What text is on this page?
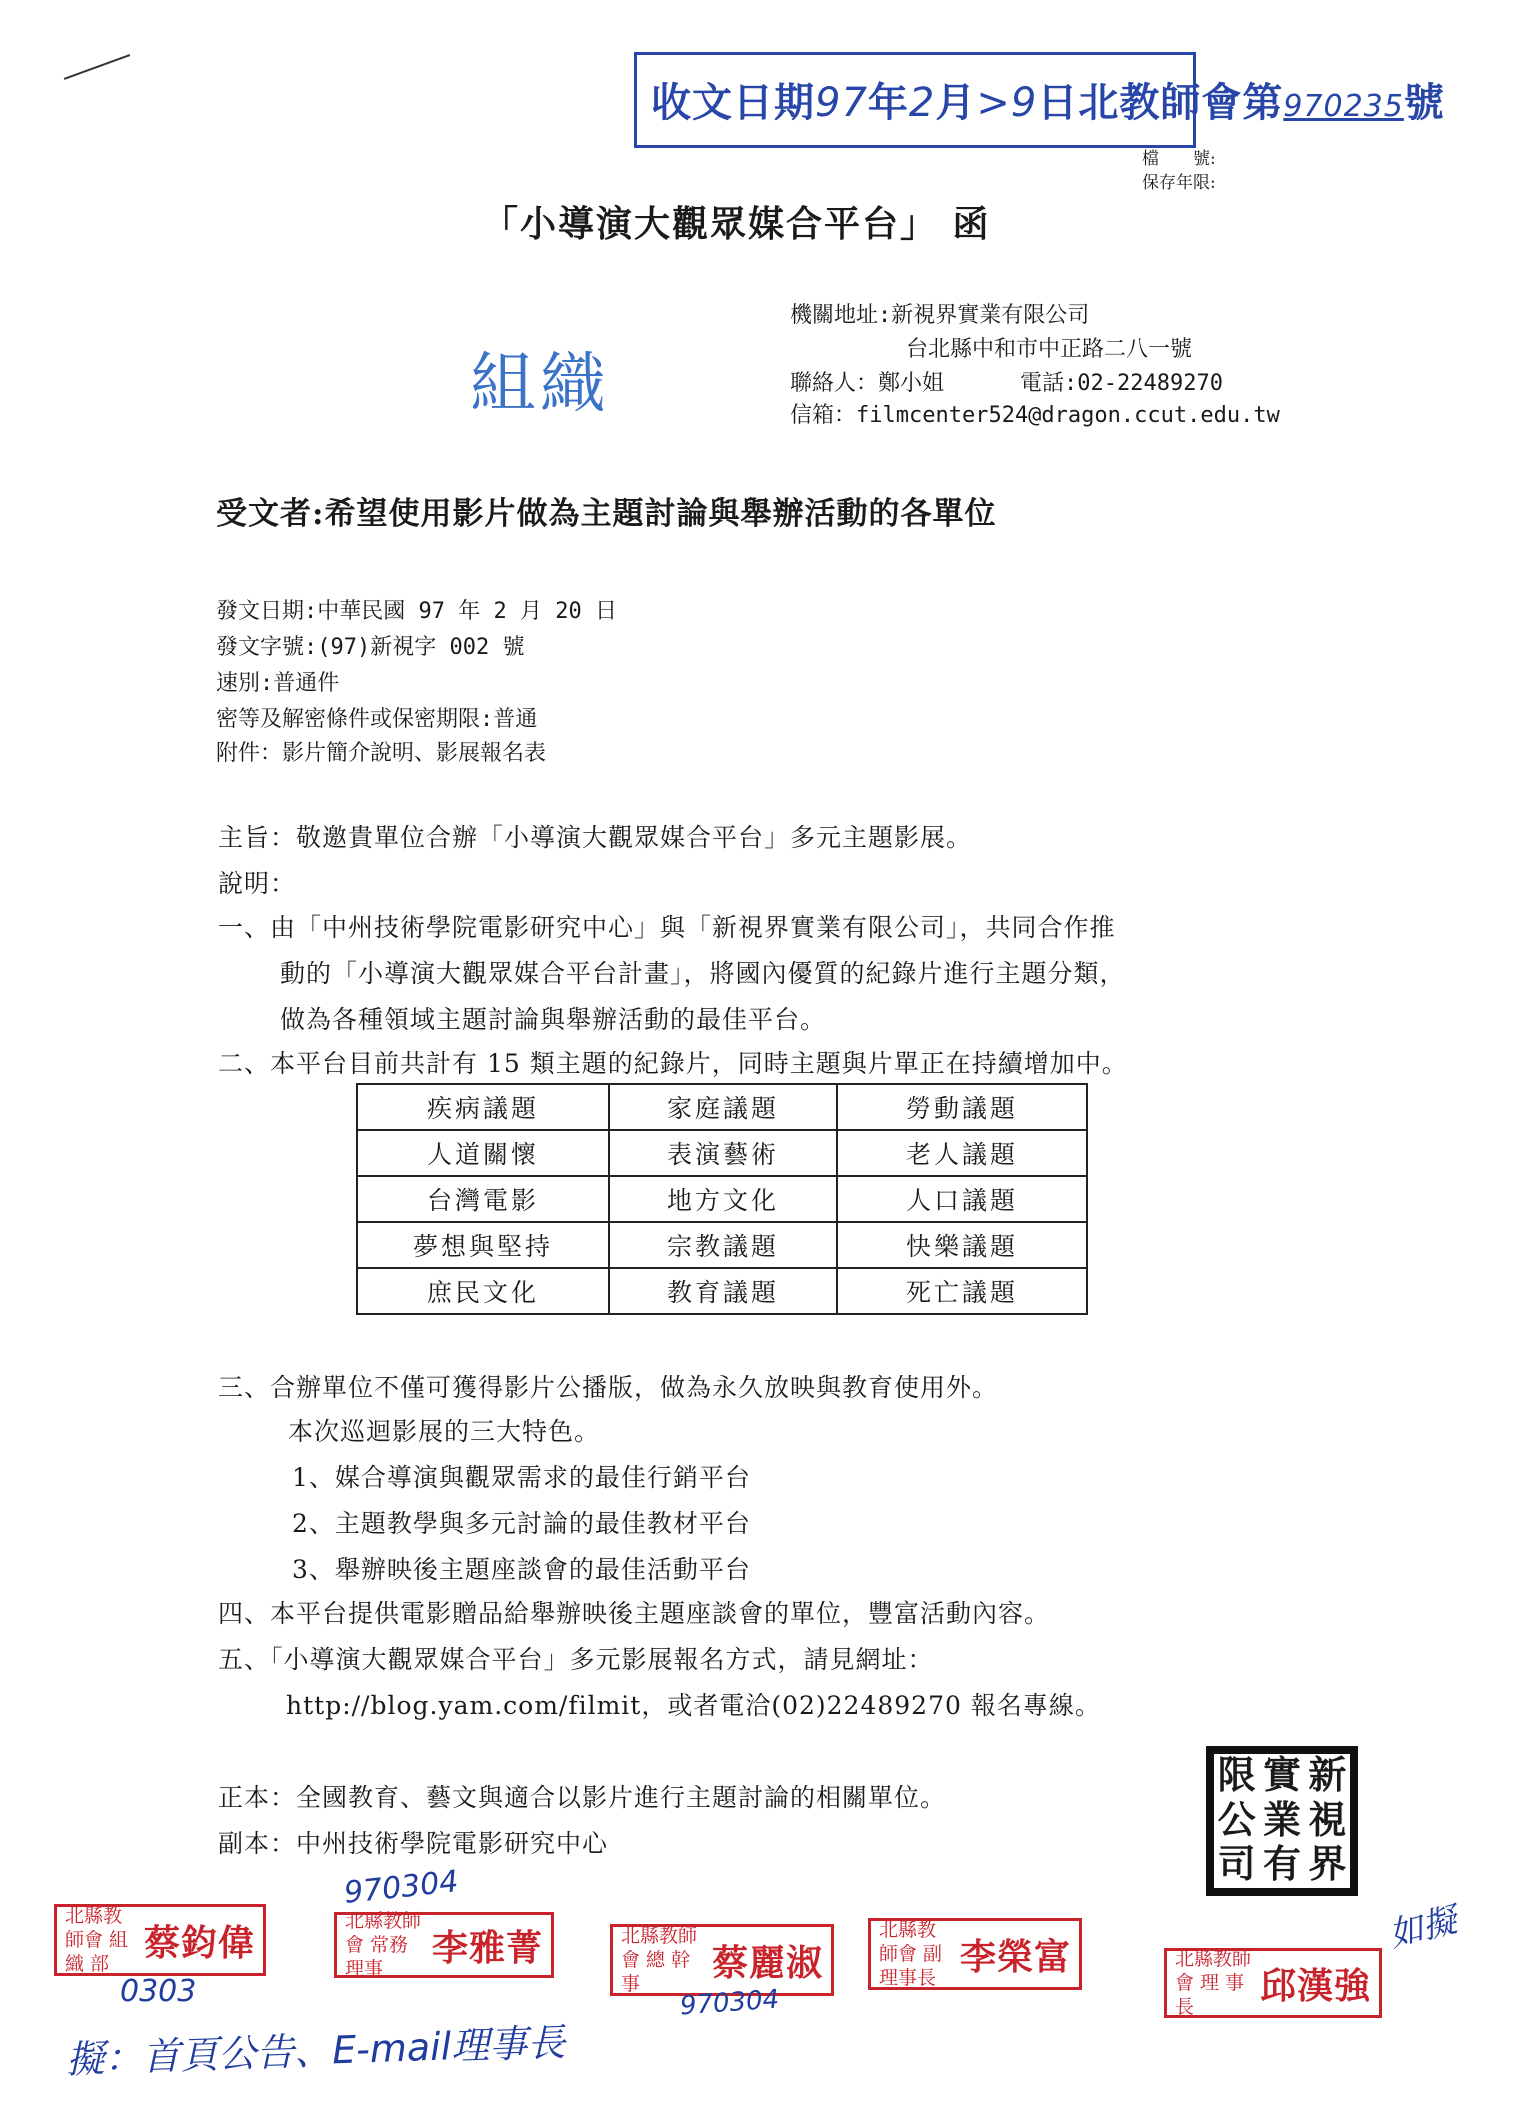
收文日期97年2月>9日北教師會第970235號
檔　　號:
保存年限:
「小導演大觀眾媒合平台」 函
組織
機關地址:新視界實業有限公司
台北縣中和市中正路二八一號
聯絡人：鄭小姐	電話:02-22489270
信箱：filmcenter524@dragon.ccut.edu.tw
受文者:希望使用影片做為主題討論與舉辦活動的各單位
發文日期:中華民國 97 年 2 月 20 日
發文字號:(97)新視字 002 號
速別:普通件
密等及解密條件或保密期限:普通
附件：影片簡介說明、影展報名表
主旨：敬邀貴單位合辦「小導演大觀眾媒合平台」多元主題影展。
說明：
一、由「中州技術學院電影研究中心」與「新視界實業有限公司」，共同合作推
動的「小導演大觀眾媒合平台計畫」，將國內優質的紀錄片進行主題分類，
做為各種領域主題討論與舉辦活動的最佳平台。
二、本平台目前共計有 15 類主題的紀錄片，同時主題與片單正在持續增加中。
疾病議題	家庭議題	勞動議題
人道關懷	表演藝術	老人議題
台灣電影	地方文化	人口議題
夢想與堅持	宗教議題	快樂議題
庶民文化	教育議題	死亡議題
三、合辦單位不僅可獲得影片公播版，做為永久放映與教育使用外。
本次巡迴影展的三大特色。
1、媒合導演與觀眾需求的最佳行銷平台
2、主題教學與多元討論的最佳教材平台
3、舉辦映後主題座談會的最佳活動平台
四、本平台提供電影贈品給舉辦映後主題座談會的單位，豐富活動內容。
五、「小導演大觀眾媒合平台」多元影展報名方式，請見網址：
http://blog.yam.com/filmit，或者電洽(02)22489270 報名專線。
正本：全國教育、藝文與適合以影片進行主題討論的相關單位。
副本：中州技術學院電影研究中心
限 實 新
公 業 視
司 有 界
北縣教師會 組 織 部
蔡鈞偉
北縣教師會 常務理事
李雅菁	北縣教師會 總 幹 事
蔡麗淑
北縣教師會 副理事長
李榮富	北縣教師會 理 事 長
邱漢強
970304
0303	970304
擬：首頁公告、E-mail理事長
如擬
